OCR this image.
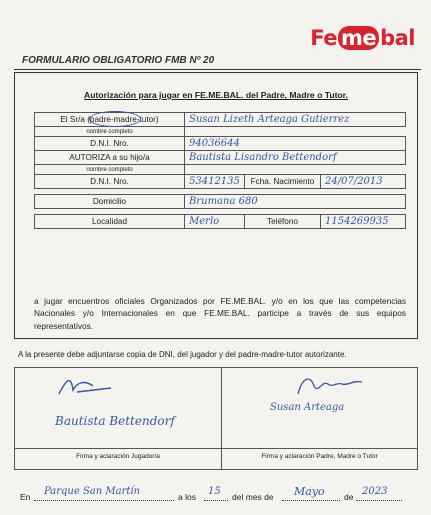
Fe me bal
FORMULARIO OBLIGATORIO FMB Nº 20
Autorización para jugar en FE.ME.BAL. del Padre, Madre o Tutor.
El Sr/a (padre-madre-tutor)	Susan Lizeth Arteaga Gutierrez		
nombre completo			
D.N.I. Nro.	94036644		
AUTORIZA a su hijo/a	Bautista Lisandro Bettendorf		
nombre completo			
D.N.I. Nro.	53412135	Fcha. Nacimiento	24/07/2013

Domicilio	Brumana 680		

Localidad	Merlo	Teléfono	1154269935
a jugar encuentros oficiales Organizados por FE.ME.BAL. y/o en los que las competencias Nacionales y/o Internacionales en que FE.ME.BAL. participe a través de sus equipos representativos.
A la presente debe adjuntarse copia de DNI, del jugador y del padre-madre-tutor autorizante.
Bautista Bettendorf
Firma y aclaración Jugador/a
Susan Arteaga
Firma y aclaración Padre, Madre o Tutor
En Parque San Martín	a los 15 del mes de Mayo de 2023
